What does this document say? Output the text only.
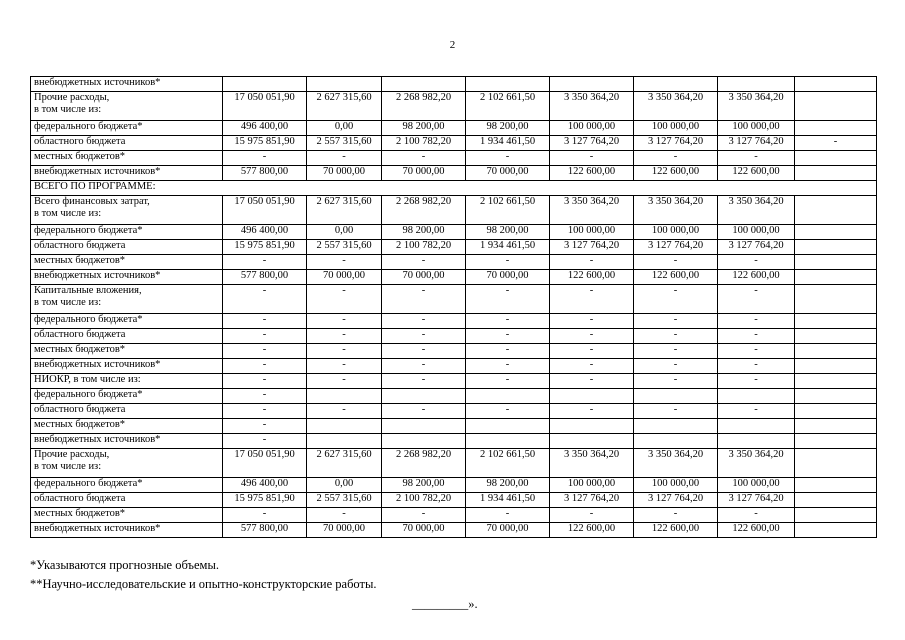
2
внебюджетных источников*								
Прочие расходы,
в том числе из:	17 050 051,90	2 627 315,60	2 268 982,20	2 102 661,50	3 350 364,20	3 350 364,20	3 350 364,20	
федерального бюджета*	496 400,00	0,00	98 200,00	98 200,00	100 000,00	100 000,00	100 000,00	
областного бюджета	15 975 851,90	2 557 315,60	2 100 782,20	1 934 461,50	3 127 764,20	3 127 764,20	3 127 764,20	-
местных бюджетов*	-	-	-	-	-	-	-	
внебюджетных источников*	577 800,00	70 000,00	70 000,00	70 000,00	122 600,00	122 600,00	122 600,00	
ВСЕГО ПО ПРОГРАММЕ:								
Всего финансовых затрат,
в том числе из:	17 050 051,90	2 627 315,60	2 268 982,20	2 102 661,50	3 350 364,20	3 350 364,20	3 350 364,20	
федерального бюджета*	496 400,00	0,00	98 200,00	98 200,00	100 000,00	100 000,00	100 000,00	
областного бюджета	15 975 851,90	2 557 315,60	2 100 782,20	1 934 461,50	3 127 764,20	3 127 764,20	3 127 764,20	
местных бюджетов*	-	-	-	-	-	-	-	
внебюджетных источников*	577 800,00	70 000,00	70 000,00	70 000,00	122 600,00	122 600,00	122 600,00	
Капитальные вложения,
в том числе из:	-	-	-	-	-	-	-	
федерального бюджета*	-	-	-	-	-	-	-	
областного бюджета	-	-	-	-	-	-	-	
местных бюджетов*	-	-	-	-	-	-	-	
внебюджетных источников*	-	-	-	-	-	-	-	
НИОКР, в том числе из:	-	-	-	-	-	-	-	
федерального бюджета*	-							
областного бюджета	-	-	-	-	-	-	-	
местных бюджетов*	-							
внебюджетных источников*	-							
Прочие расходы,
в том числе из:	17 050 051,90	2 627 315,60	2 268 982,20	2 102 661,50	3 350 364,20	3 350 364,20	3 350 364,20	
федерального бюджета*	496 400,00	0,00	98 200,00	98 200,00	100 000,00	100 000,00	100 000,00	
областного бюджета	15 975 851,90	2 557 315,60	2 100 782,20	1 934 461,50	3 127 764,20	3 127 764,20	3 127 764,20	
местных бюджетов*	-	-	-	-	-	-	-	
внебюджетных источников*	577 800,00	70 000,00	70 000,00	70 000,00	122 600,00	122 600,00	122 600,00	
*Указываются прогнозные объемы.
**Научно-исследовательские и опытно-конструкторские работы.
_________».
